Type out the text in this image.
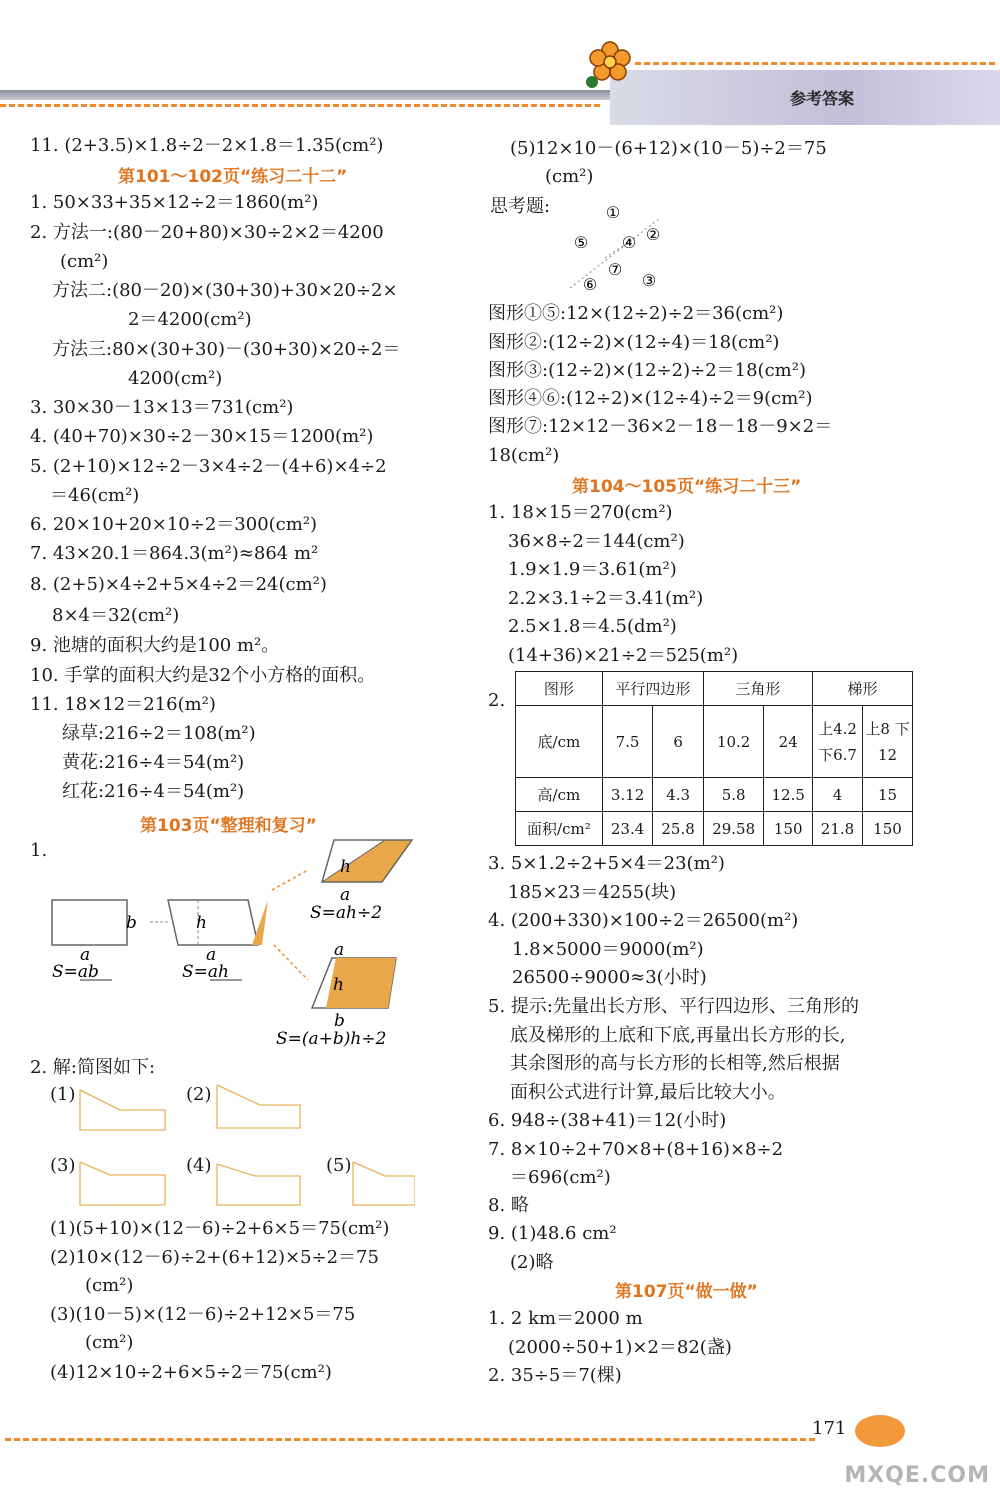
参考答案
11. (2+3.5)×1.8÷2－2×1.8＝1.35(cm²)
1. 50×33+35×12÷2＝1860(m²)
2. 方法一:(80－20+80)×30÷2×2＝4200
(cm²)
方法二:(80－20)×(30+30)+30×20÷2×
2＝4200(cm²)
方法三:80×(30+30)－(30+30)×20÷2＝
4200(cm²)
3. 30×30－13×13＝731(cm²)
4. (40+70)×30÷2－30×15＝1200(m²)
5. (2+10)×12÷2－3×4÷2－(4+6)×4÷2
＝46(cm²)
6. 20×10+20×10÷2＝300(cm²)
7. 43×20.1＝864.3(m²)≈864 m²
8. (2+5)×4÷2+5×4÷2＝24(cm²)
8×4＝32(cm²)
9. 池塘的面积大约是100 m²。
10. 手掌的面积大约是32个小方格的面积。
11. 18×12＝216(m²)
绿草:216÷2＝108(m²)
黄花:216÷4＝54(m²)
红花:216÷4＝54(m²)
1.
2. 解:简图如下:
(1)	(2)
(3)	(4)	(5)
(1)(5+10)×(12－6)÷2+6×5＝75(cm²)
(2)10×(12－6)÷2+(6+12)×5÷2＝75
(cm²)
(3)(10－5)×(12－6)÷2+12×5＝75
(cm²)
(4)12×10÷2+6×5÷2＝75(cm²)
第101～102页“练习二十二”
第103页“整理和复习”
(5)12×10－(6+12)×(10－5)÷2＝75
(cm²)
思考题:
图形①⑤:12×(12÷2)÷2＝36(cm²)
图形②:(12÷2)×(12÷4)＝18(cm²)
图形③:(12÷2)×(12÷2)÷2＝18(cm²)
图形④⑥:(12÷2)×(12÷4)÷2＝9(cm²)
图形⑦:12×12－36×2－18－18－9×2＝
18(cm²)
1. 18×15＝270(cm²)
36×8÷2＝144(cm²)
1.9×1.9＝3.61(m²)
2.2×3.1÷2＝3.41(m²)
2.5×1.8＝4.5(dm²)
(14+36)×21÷2＝525(m²)
2.
3. 5×1.2÷2+5×4＝23(m²)
185×23＝4255(块)
4. (200+330)×100÷2＝26500(m²)
1.8×5000＝9000(m²)
26500÷9000≈3(小时)
5. 提示:先量出长方形、平行四边形、三角形的
底及梯形的上底和下底,再量出长方形的长,
其余图形的高与长方形的长相等,然后根据
面积公式进行计算,最后比较大小。
6. 948÷(38+41)＝12(小时)
7. 8×10÷2+70×8+(8+16)×8÷2
＝696(cm²)
8. 略
9. (1)48.6 cm²
(2)略
1. 2 km＝2000 m
(2000÷50+1)×2＝82(盏)
2. 35÷5＝7(棵)
第104～105页“练习二十三”
第107页“做一做”
b
a
h
a
h
a
a
h
b
S=ab	S=ah
S=ah÷2
S=(a+b)h÷2
①
②
③
④
⑤
⑥
⑦
图形	平行四边形		三角形		梯形	
底/cm	7.5	6	10.2	24	上4.2 下6.7	上8 下12
高/cm	3.12	4.3	5.8	12.5	4	15
面积/cm²	23.4	25.8	29.58	150	21.8	150
171
MXQE.COM
